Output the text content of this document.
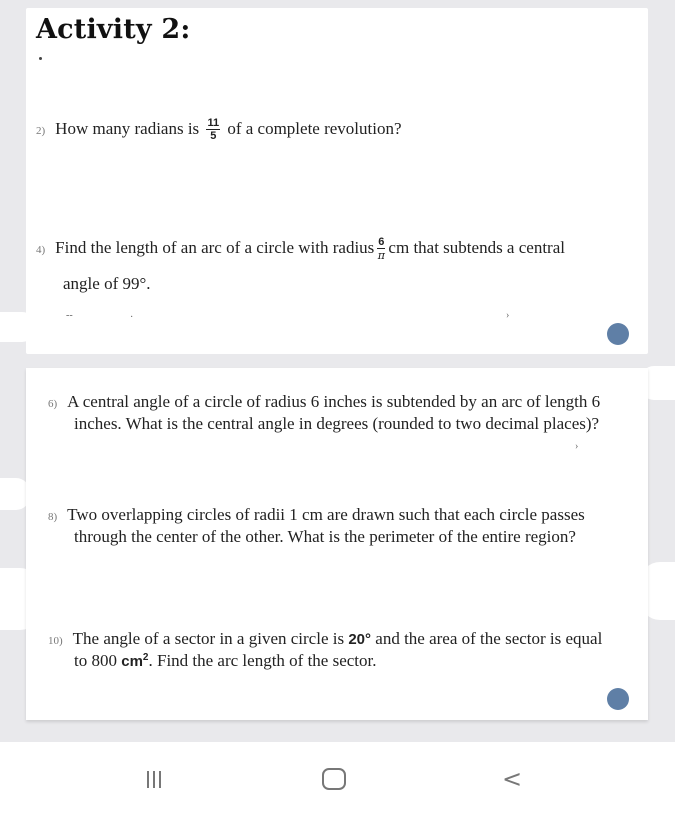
Activity 2:
2) How many radians is $\frac{11}{5}$ of a complete revolution?
4) Find the length of an arc of a circle with radius $\frac{6}{\pi}$ cm that subtends a central
angle of 99°.
--	·	›
6) A central angle of a circle of radius 6 inches is subtended by an arc of length 6
inches. What is the central angle in degrees (rounded to two decimal places)?
›
8) Two overlapping circles of radii 1 cm are drawn such that each circle passes
through the center of the other. What is the perimeter of the entire region?
10) The angle of a sector in a given circle is 20° and the area of the sector is equal
to 800 $cm^2$. Find the arc length of the sector.
<
